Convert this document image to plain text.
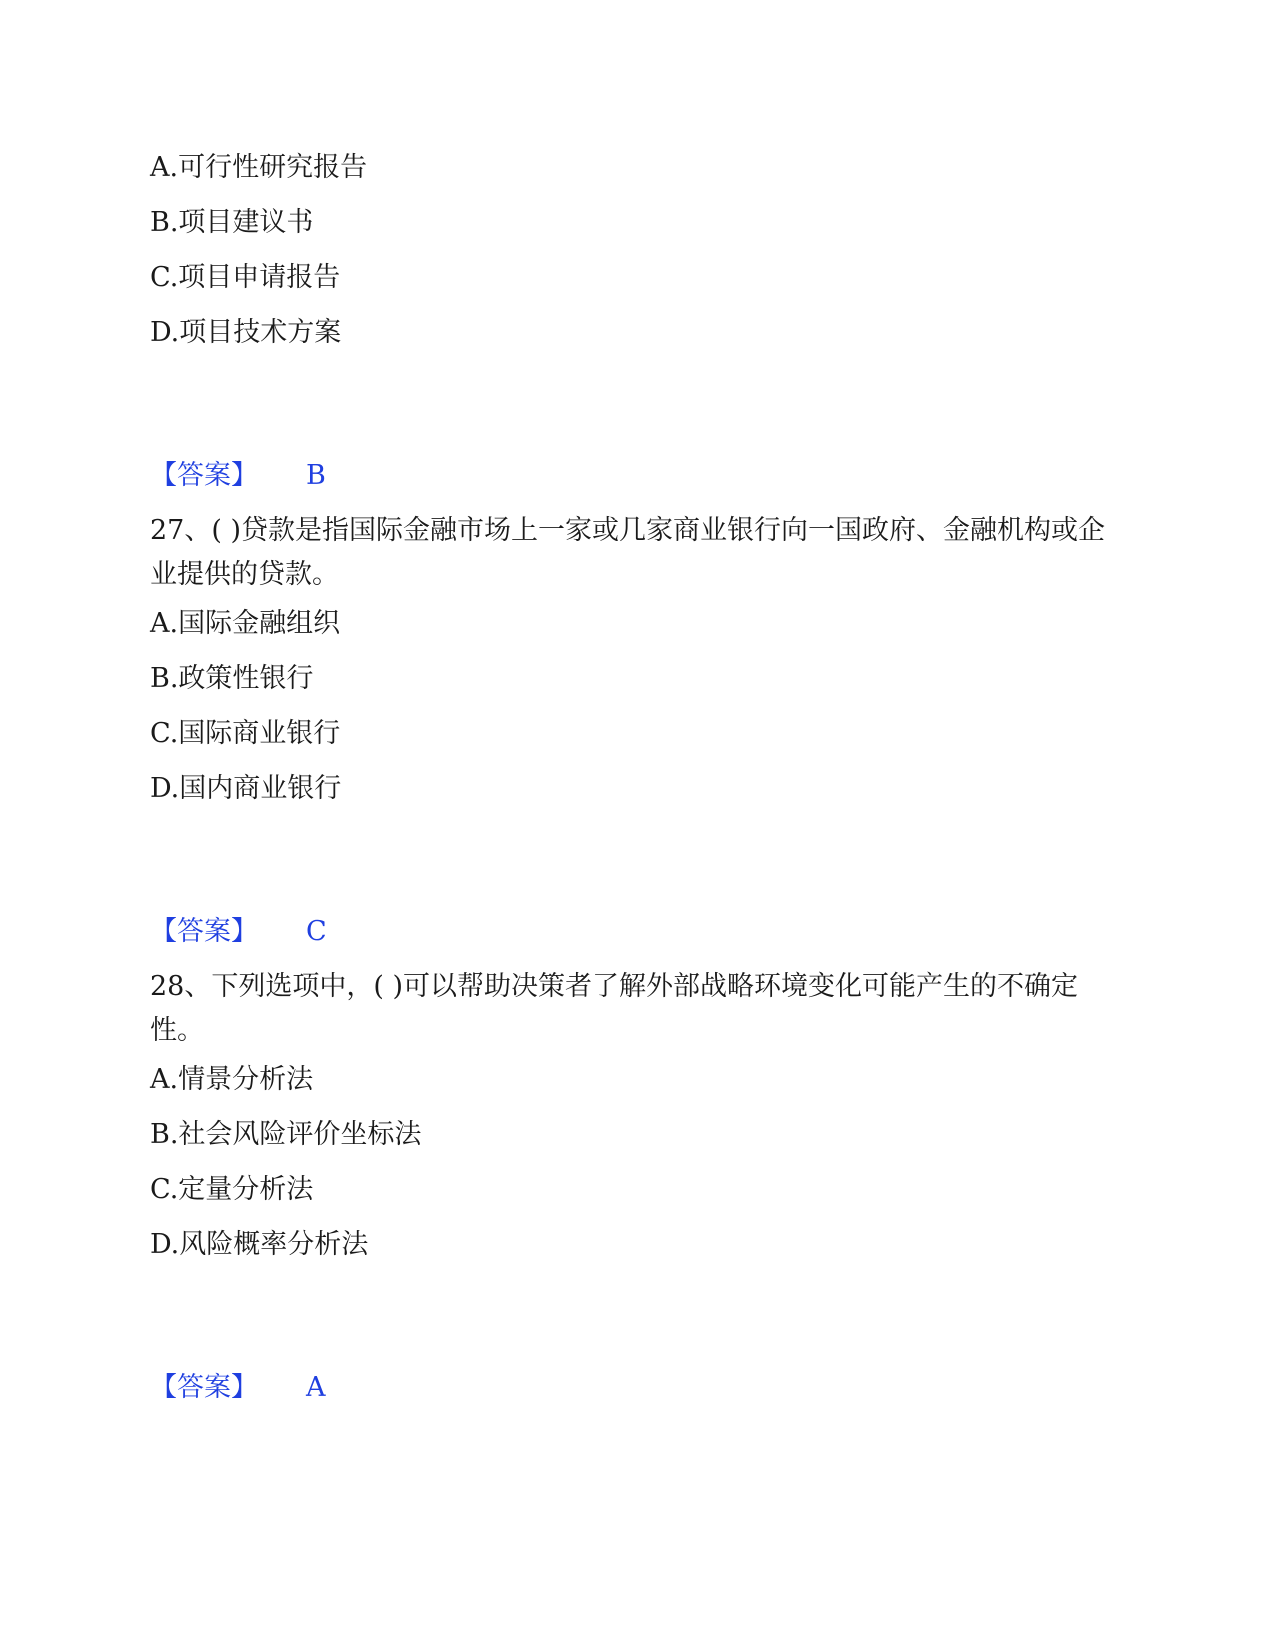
A.可行性研究报告
B.项目建议书
C.项目申请报告
D.项目技术方案
【答案】 B
27、( )贷款是指国际金融市场上一家或几家商业银行向一国政府、金融机构或企业提供的贷款。
A.国际金融组织
B.政策性银行
C.国际商业银行
D.国内商业银行
【答案】 C
28、下列选项中，( )可以帮助决策者了解外部战略环境变化可能产生的不确定性。
A.情景分析法
B.社会风险评价坐标法
C.定量分析法
D.风险概率分析法
【答案】 A
